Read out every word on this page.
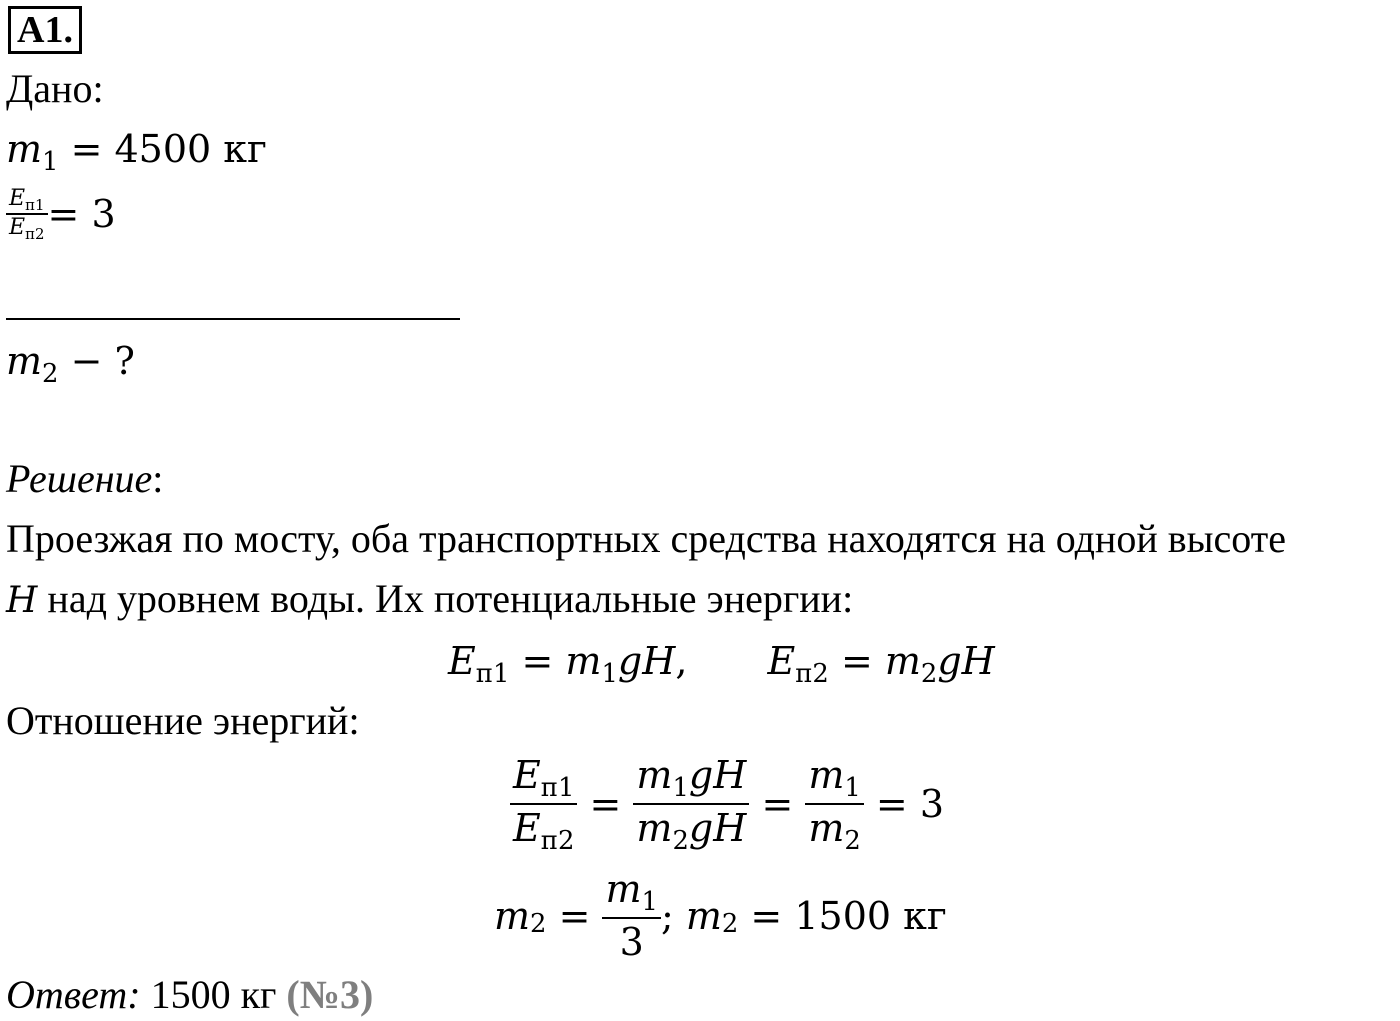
A1.
Дано:
$m_1 = 4500$ кг
$\frac{E_{п1}}{E_{п2}} = 3$
$m_2$ − ?
Решение:
Проезжая по мосту, оба транспортных средства находятся на одной высоте
H над уровнем воды. Их потенциальные энергии:
$E_{п1} = m_1gH$, $E_{п2} = m_2gH$
Отношение энергий:
$\frac{E_{п1}}{E_{п2}} = \frac{m_1gH}{m_2gH} = \frac{m_1}{m_2} = 3$
m $2 = \frac{m_1}{3}$ ; m 2 = 1500 кг
Ответ: 1500 кг (№3)
